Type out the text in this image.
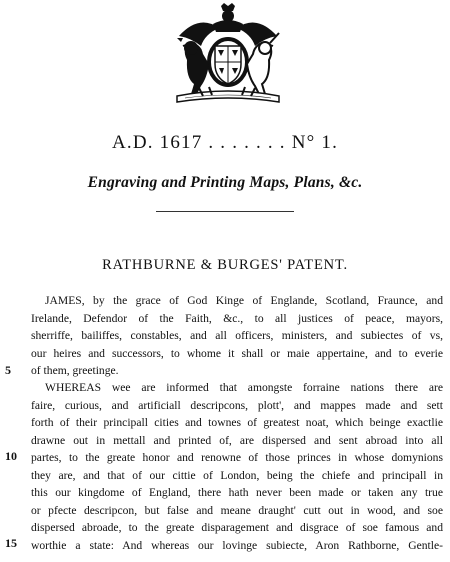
A.D. 1617 . . . . . . . N° 1.
Engraving and Printing Maps, Plans, &c.
RATHBURNE & BURGES' PATENT.
JAMES, by the grace of God Kinge of Englande, Scotland, Fraunce, and
Irelande, Defendor of the Faith, &c., to all justices of peace, mayors,
sherriffe, bailiffes, constables, and all officers, ministers, and subiectes of vs,
our heires and successors, to whome it shall or maie appertaine, and to everie
of them, greetinge.
WHEREAS wee are informed that amongste forraine nations there are
faire, curious, and artificiall descripcons, plott', and mappes made and sett
forth of their principall cities and townes of greatest noat, which beinge exactlie
drawne out in mettall and printed of, are dispersed and sent abroad into all
partes, to the greate honor and renowne of those princes in whose domynions
they are, and that of our cittie of London, being the chiefe and principall in
this our kingdome of England, there hath never been made or taken any true
or pfecte descripcon, but false and meane draught' cutt out in wood, and soe
dispersed abroade, to the greate disparagement and disgrace of soe famous and
worthie a state: And whereas our lovinge subiecte, Aron Rathborne, Gentle-
5
10
15
